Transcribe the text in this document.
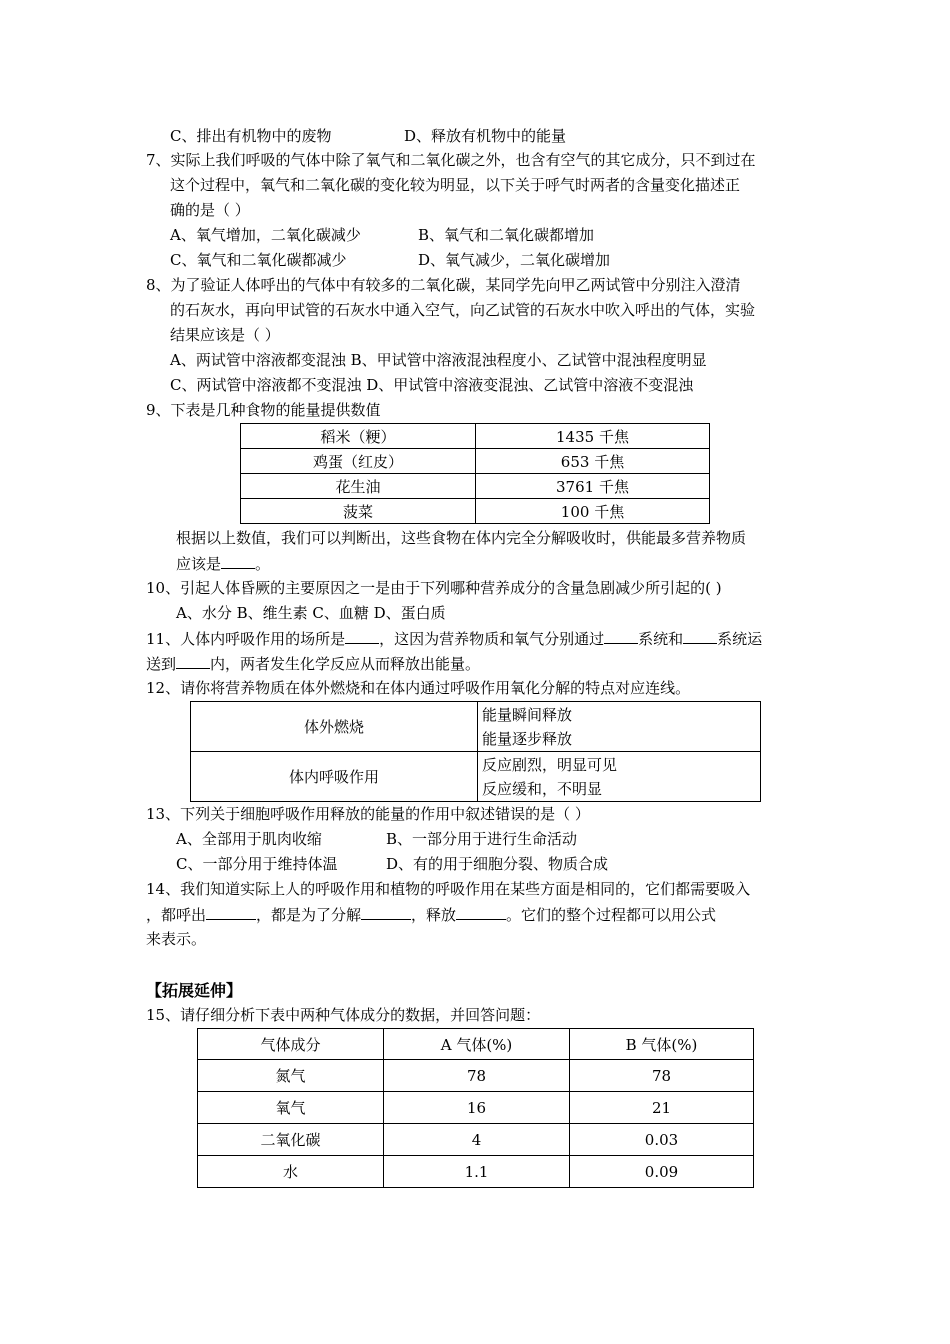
C、排出有机物中的废物	D、释放有机物中的能量
7、实际上我们呼吸的气体中除了氧气和二氧化碳之外，也含有空气的其它成分，只不到过在
这个过程中，氧气和二氧化碳的变化较为明显，以下关于呼气时两者的含量变化描述正
确的是（ ）
A、氧气增加，二氧化碳减少	B、氧气和二氧化碳都增加
C、氧气和二氧化碳都减少	D、氧气减少，二氧化碳增加
8、为了验证人体呼出的气体中有较多的二氧化碳，某同学先向甲乙两试管中分别注入澄清
的石灰水，再向甲试管的石灰水中通入空气，向乙试管的石灰水中吹入呼出的气体，实验
结果应该是（ ）
A、两试管中溶液都变混浊 B、甲试管中溶液混浊程度小、乙试管中混浊程度明显
C、两试管中溶液都不变混浊 D、甲试管中溶液变混浊、乙试管中溶液不变混浊
9、下表是几种食物的能量提供数值
稻米（粳）	1435 千焦
鸡蛋（红皮）	653 千焦
花生油	3761 千焦
菠菜	100 千焦
根据以上数值，我们可以判断出，这些食物在体内完全分解吸收时，供能最多营养物质
应该是 。
10、引起人体昏厥的主要原因之一是由于下列哪种营养成分的含量急剧减少所引起的( )
A、水分 B、维生素 C、血糖 D、蛋白质
11、人体内呼吸作用的场所是 ，这因为营养物质和氧气分别通过 系统和 系统运
送到 内，两者发生化学反应从而释放出能量。
12、请你将营养物质在体外燃烧和在体内通过呼吸作用氧化分解的特点对应连线。
体外燃烧	能量瞬间释放
能量逐步释放

体内呼吸作用	反应剧烈，明显可见
反应缓和，不明显
13、下列关于细胞呼吸作用释放的能量的作用中叙述错误的是（ ）
A、全部用于肌肉收缩	B、一部分用于进行生命活动
C、一部分用于维持体温	D、有的用于细胞分裂、物质合成
14、我们知道实际上人的呼吸作用和植物的呼吸作用在某些方面是相同的，它们都需要吸入
，都呼出	，都是为了分解	，释放	。它们的整个过程都可以用公式
来表示。
【拓展延伸】
15、请仔细分析下表中两种气体成分的数据，并回答问题：
气体成分	A 气体(%)	B 气体(%)
氮气	78	78
氧气	16	21
二氧化碳	4	0.03
水	1.1	0.09
